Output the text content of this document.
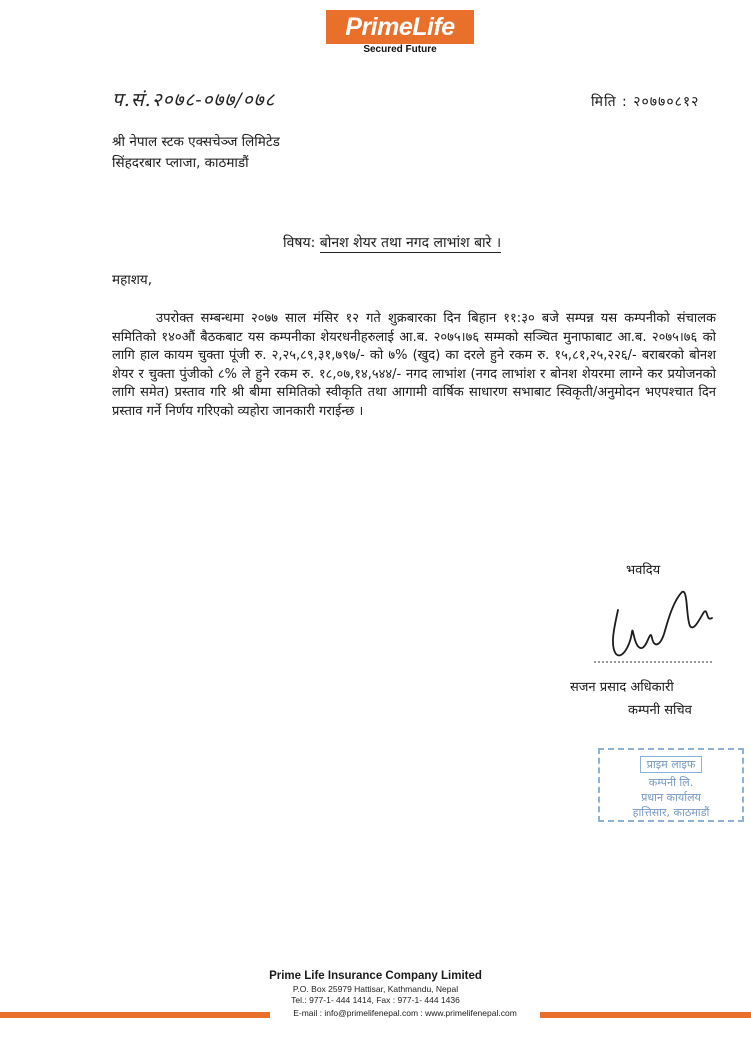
PrimeLife
Secured Future
प.सं.२०७८-०७७/०७८	मिति : २०७७०८१२
श्री नेपाल स्टक एक्सचेञ्ज लिमिटेड
सिंहदरबार प्लाजा, काठमाडौं
विषय: बोनश शेयर तथा नगद लाभांश बारे ।
महाशय,
उपरोक्त सम्बन्धमा २०७७ साल मंसिर १२ गते शुक्रबारका दिन बिहान ११:३० बजे सम्पन्न यस कम्पनीको संचालक समितिको १४०औं बैठकबाट यस कम्पनीका शेयरधनीहरुलाई आ.ब. २०७५।७६ सम्मको सञ्चित मुनाफाबाट आ.ब. २०७५।७६ को लागि हाल कायम चुक्ता पूंजी रु. २,२५,८९,३१,७९७/- को ७% (खुद) का दरले हुने रकम रु. १५,८१,२५,२२६/- बराबरको बोनश शेयर र चुक्ता पुंजीको ८% ले हुने रकम रु. १८,०७,१४,५४४/- नगद लाभांश (नगद लाभांश र बोनश शेयरमा लाग्ने कर प्रयोजनको लागि समेत) प्रस्ताव गरि श्री बीमा समितिको स्वीकृति तथा आगामी वार्षिक साधारण सभाबाट स्विकृती/अनुमोदन भएपश्चात दिन प्रस्ताव गर्ने निर्णय गरिएको व्यहोरा जानकारी गराईन्छ ।
भवदिय
सजन प्रसाद अधिकारी
कम्पनी सचिव
प्राइम लाइफ
कम्पनी लि.
प्रधान कार्यालय
हात्तिसार, काठमाडौं
Prime Life Insurance Company Limited
P.O. Box 25979 Hattisar, Kathmandu, Nepal
Tel.: 977-1- 444 1414, Fax : 977-1- 444 1436
E-mail : info@primelifenepal.com : www.primelifenepal.com
